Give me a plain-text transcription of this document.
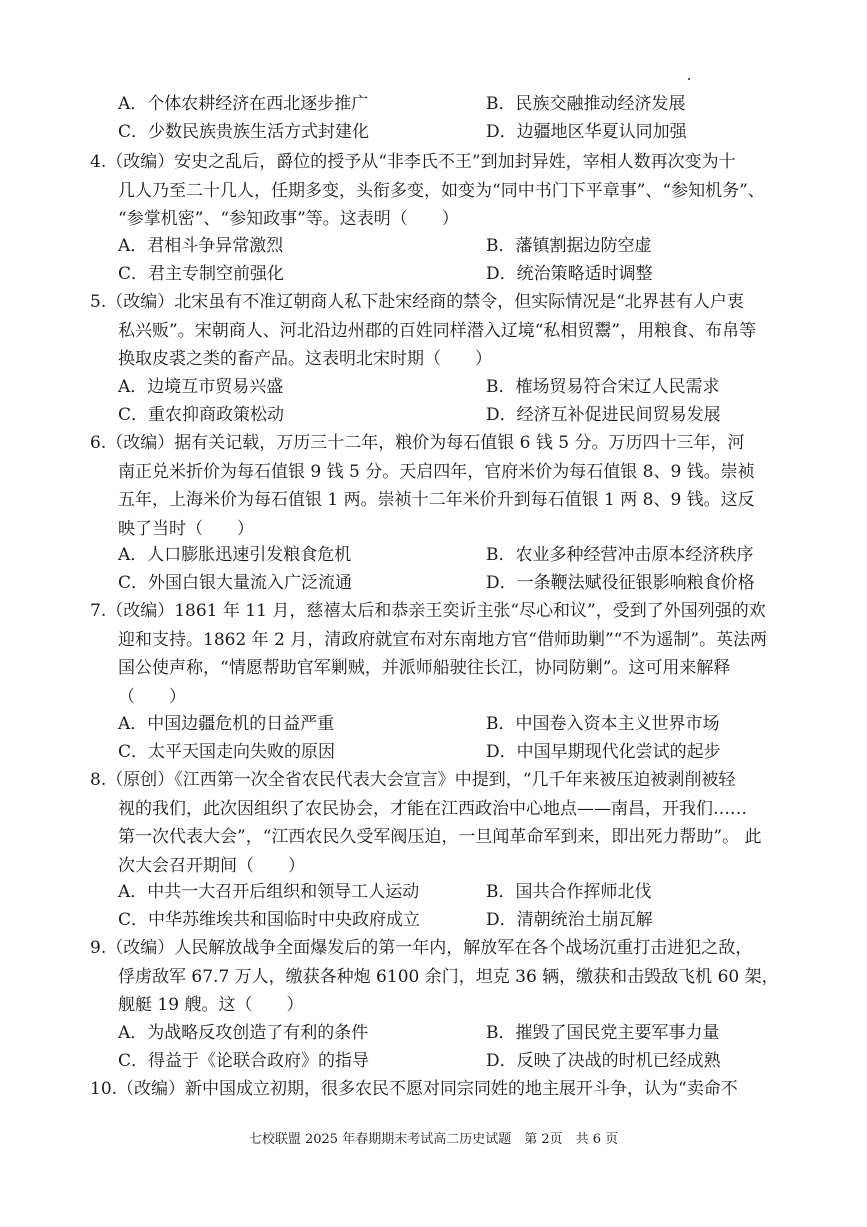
A．个体农耕经济在西北逐步推广	B．民族交融推动经济发展
C．少数民族贵族生活方式封建化	D．边疆地区华夏认同加强

4.（改编）安史之乱后，爵位的授予从“非李氏不王”到加封异姓，宰相人数再次变为十

几人乃至二十几人，任期多变，头衔多变，如变为“同中书门下平章事”、“参知机务”、

“参掌机密”、“参知政事”等。这表明（　　）

A．君相斗争异常激烈	B．藩镇割据边防空虚
C．君主专制空前强化	D．统治策略适时调整

5.（改编）北宋虽有不准辽朝商人私下赴宋经商的禁令，但实际情况是“北界甚有人户衷

私兴贩”。宋朝商人、河北沿边州郡的百姓同样潜入辽境“私相贸鬻”，用粮食、布帛等

换取皮裘之类的畜产品。这表明北宋时期（　　）

A．边境互市贸易兴盛	B．榷场贸易符合宋辽人民需求
C．重农抑商政策松动	D．经济互补促进民间贸易发展

6.（改编）据有关记载，万历三十二年，粮价为每石值银 6 钱 5 分。万历四十三年，河

南正兑米折价为每石值银 9 钱 5 分。天启四年，官府米价为每石值银 8、9 钱。崇祯

五年，上海米价为每石值银 1 两。崇祯十二年米价升到每石值银 1 两 8、9 钱。这反

映了当时（　　）

A．人口膨胀迅速引发粮食危机	B．农业多种经营冲击原本经济秩序
C．外国白银大量流入广泛流通	D．一条鞭法赋役征银影响粮食价格

7.（改编）1861 年 11 月，慈禧太后和恭亲王奕䜣主张“尽心和议”，受到了外国列强的欢

迎和支持。1862 年 2 月，清政府就宣布对东南地方官“借师助剿”“不为遥制”。英法两

国公使声称，“情愿帮助官军剿贼，并派师船驶往长江，协同防剿”。这可用来解释

（　　）

A．中国边疆危机的日益严重	B．中国卷入资本主义世界市场
C．太平天国走向失败的原因	D．中国早期现代化尝试的起步

8.（原创）《江西第一次全省农民代表大会宣言》中提到，“几千年来被压迫被剥削被轻

视的我们，此次因组织了农民协会，才能在江西政治中心地点——南昌，开我们……

第一次代表大会”，“江西农民久受军阀压迫，一旦闻革命军到来，即出死力帮助”。 此

次大会召开期间（　　）

A．中共一大召开后组织和领导工人运动	B．国共合作挥师北伐
C．中华苏维埃共和国临时中央政府成立	D．清朝统治土崩瓦解

9.（改编）人民解放战争全面爆发后的第一年内，解放军在各个战场沉重打击进犯之敌，

俘虏敌军 67.7 万人，缴获各种炮 6100 余门，坦克 36 辆，缴获和击毁敌飞机 60 架，

舰艇 19 艘。这（　　）

A．为战略反攻创造了有利的条件	B．摧毁了国民党主要军事力量
C．得益于《论联合政府》的指导	D．反映了决战的时机已经成熟

10.（改编）新中国成立初期，很多农民不愿对同宗同姓的地主展开斗争，认为“卖命不

七校联盟 2025 年春期期末考试高二历史试题　第 2页　共 6 页
